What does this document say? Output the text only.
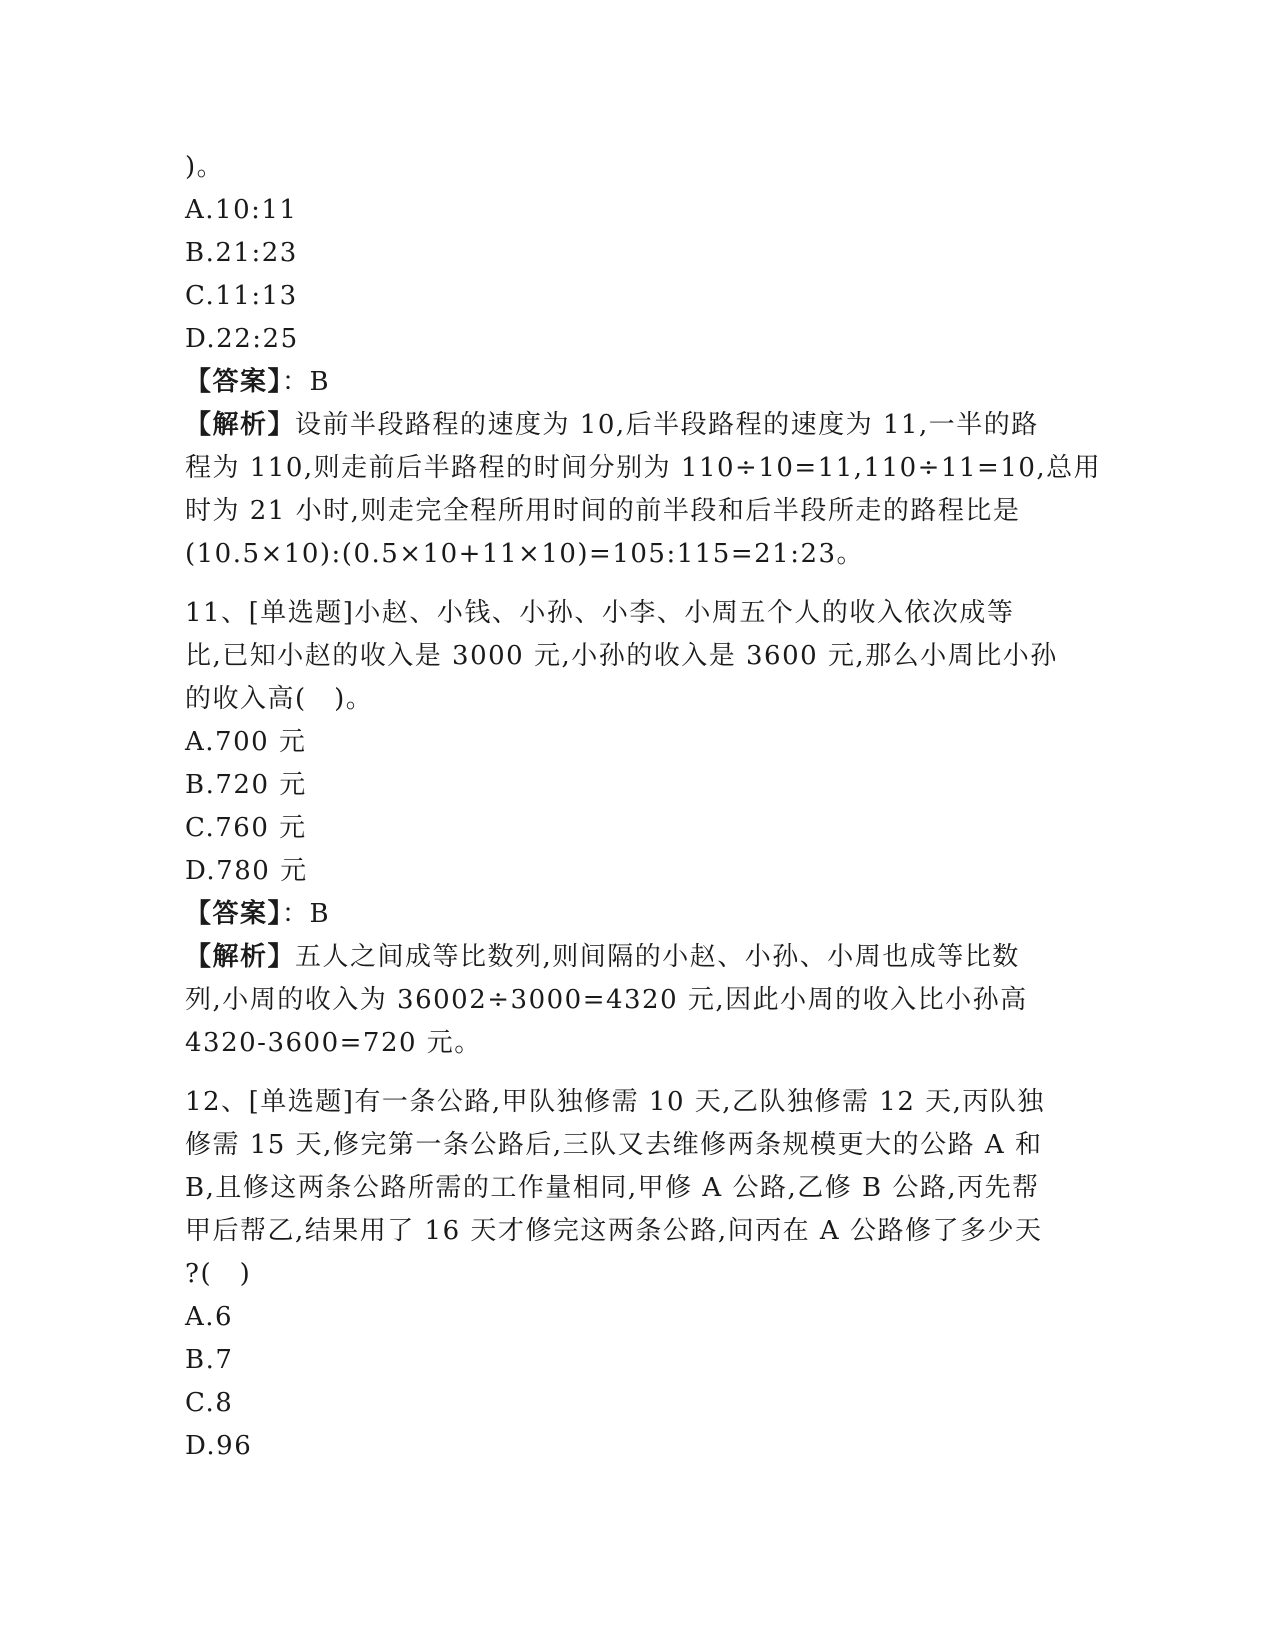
)。
A.10:11
B.21:23
C.11:13
D.22:25
【答案】：B
【解析】设前半段路程的速度为 10,后半段路程的速度为 11,一半的路
程为 110,则走前后半路程的时间分别为 110÷10=11,110÷11=10,总用
时为 21 小时,则走完全程所用时间的前半段和后半段所走的路程比是
(10.5×10):(0.5×10+11×10)=105:115=21:23。
11、[单选题]小赵、小钱、小孙、小李、小周五个人的收入依次成等
比,已知小赵的收入是 3000 元,小孙的收入是 3600 元,那么小周比小孙
的收入高(　)。
A.700 元
B.720 元
C.760 元
D.780 元
【答案】：B
【解析】五人之间成等比数列,则间隔的小赵、小孙、小周也成等比数
列,小周的收入为 36002÷3000=4320 元,因此小周的收入比小孙高
4320-3600=720 元。
12、[单选题]有一条公路,甲队独修需 10 天,乙队独修需 12 天,丙队独
修需 15 天,修完第一条公路后,三队又去维修两条规模更大的公路 A 和
B,且修这两条公路所需的工作量相同,甲修 A 公路,乙修 B 公路,丙先帮
甲后帮乙,结果用了 16 天才修完这两条公路,问丙在 A 公路修了多少天
?(　)
A.6
B.7
C.8
D.96
